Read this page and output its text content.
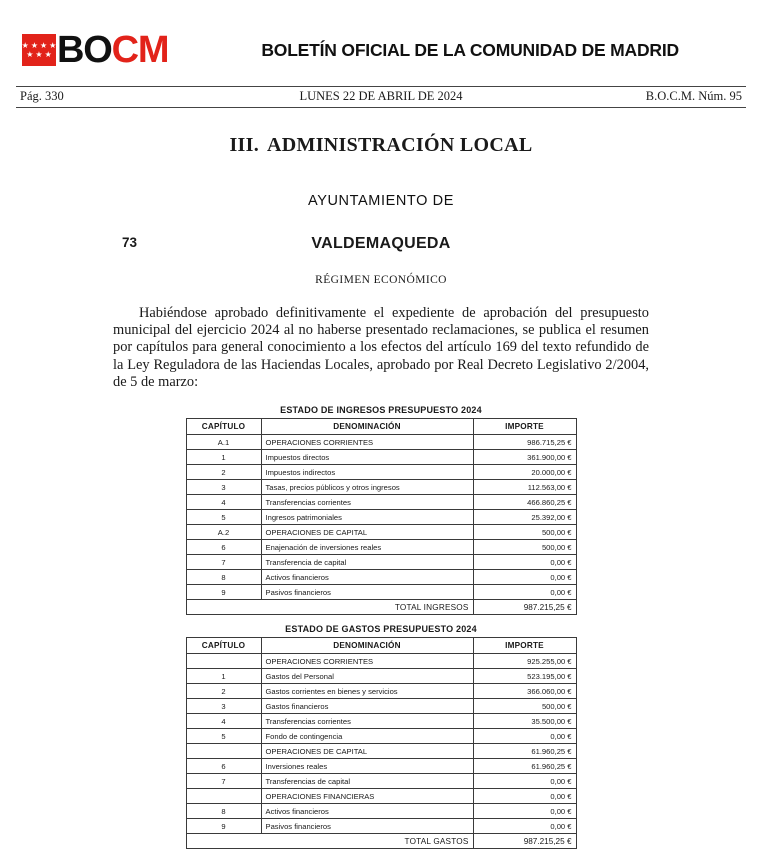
★ ★ ★ ★
★ ★ ★ BOCM	BOLETÍN OFICIAL DE LA COMUNIDAD DE MADRID
Pág. 330	LUNES 22 DE ABRIL DE 2024	B.O.C.M. Núm. 95
III. ADMINISTRACIÓN LOCAL
AYUNTAMIENTO DE
73	VALDEMAQUEDA
RÉGIMEN ECONÓMICO

Habiéndose aprobado definitivamente el expediente de aprobación del presupuesto municipal del ejercicio 2024 al no haberse presentado reclamaciones, se publica el resumen por capítulos para general conocimiento a los efectos del artículo 169 del texto refundido de la Ley Reguladora de las Haciendas Locales, aprobado por Real Decreto Legislativo 2/2004, de 5 de marzo:

ESTADO DE INGRESOS PRESUPUESTO 2024
CAPÍTULO	DENOMINACIÓN	IMPORTE
A.1	OPERACIONES CORRIENTES	986.715,25 €
1	Impuestos directos	361.900,00 €
2	Impuestos indirectos	20.000,00 €
3	Tasas, precios públicos y otros ingresos	112.563,00 €
4	Transferencias corrientes	466.860,25 €
5	Ingresos patrimoniales	25.392,00 €
A.2	OPERACIONES DE CAPITAL	500,00 €
6	Enajenación de inversiones reales	500,00 €
7	Transferencia de capital	0,00 €
8	Activos financieros	0,00 €
9	Pasivos financieros	0,00 €
TOTAL INGRESOS		987.215,25 €
ESTADO DE GASTOS PRESUPUESTO 2024
CAPÍTULO	DENOMINACIÓN	IMPORTE
	OPERACIONES CORRIENTES	925.255,00 €
1	Gastos del Personal	523.195,00 €
2	Gastos corrientes en bienes y servicios	366.060,00 €
3	Gastos financieros	500,00 €
4	Transferencias corrientes	35.500,00 €
5	Fondo de contingencia	0,00 €
	OPERACIONES DE CAPITAL	61.960,25 €
6	Inversiones reales	61.960,25 €
7	Transferencias de capital	0,00 €
	OPERACIONES FINANCIERAS	0,00 €
8	Activos financieros	0,00 €
9	Pasivos financieros	0,00 €
TOTAL GASTOS		987.215,25 €
